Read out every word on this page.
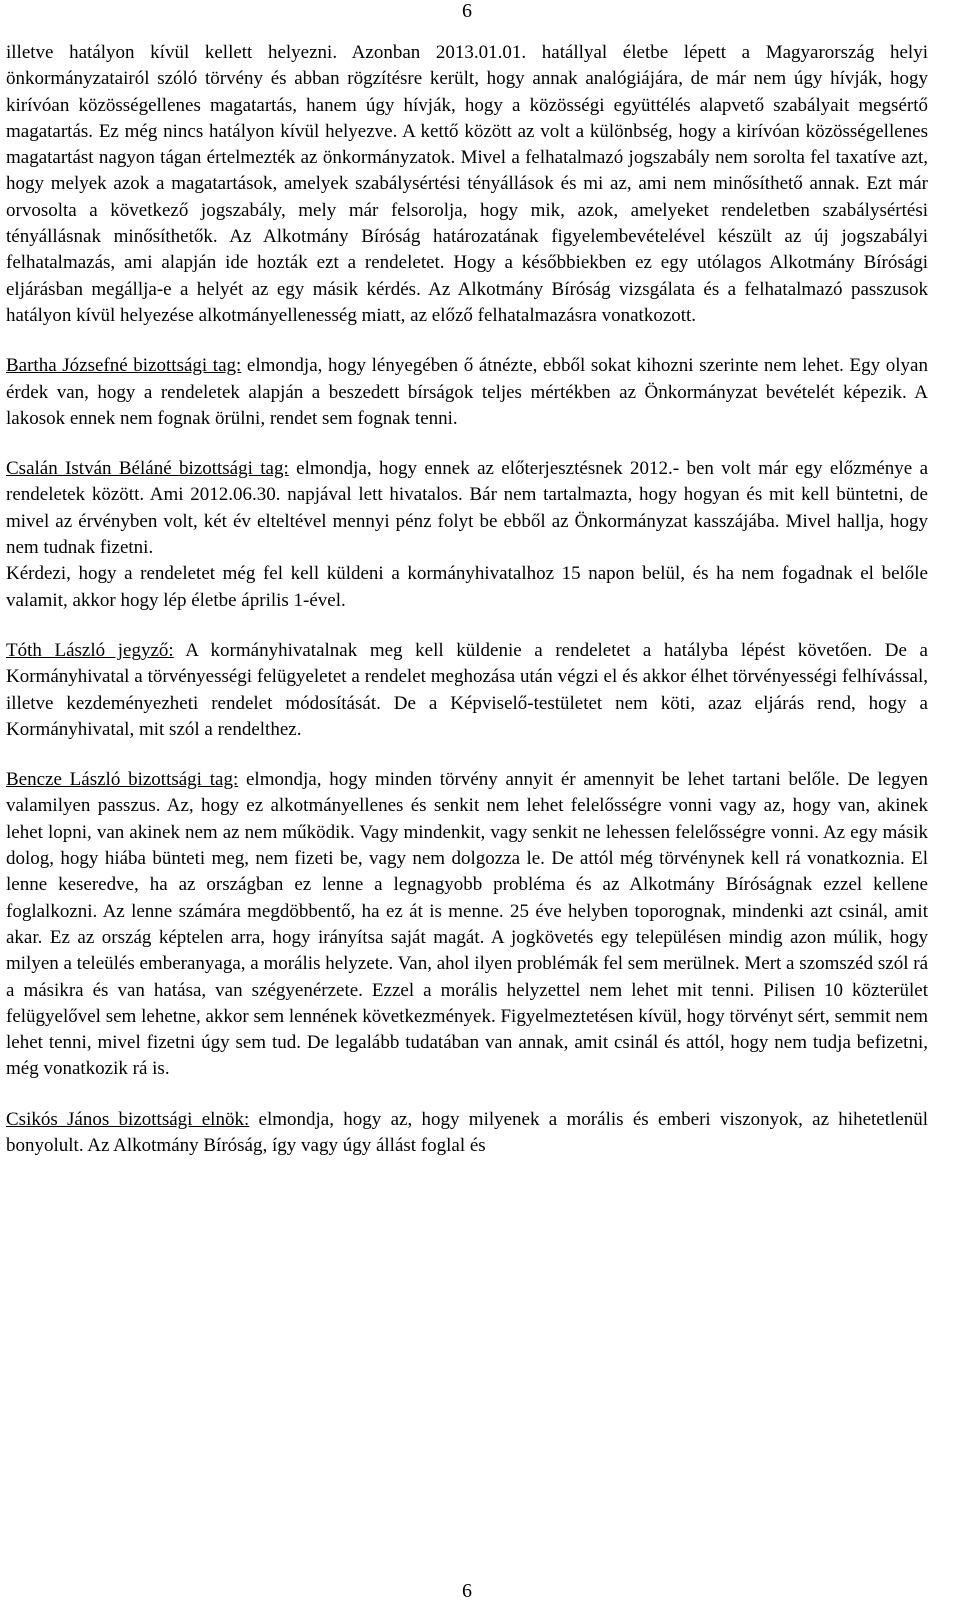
6

illetve hatályon kívül kellett helyezni. Azonban 2013.01.01. hatállyal életbe lépett a Magyarország helyi önkormányzatairól szóló törvény és abban rögzítésre került, hogy annak analógiájára, de már nem úgy hívják, hogy kirívóan közösségellenes magatartás, hanem úgy hívják, hogy a közösségi együttélés alapvető szabályait megsértő magatartás. Ez még nincs hatályon kívül helyezve. A kettő között az volt a különbség, hogy a kirívóan közösségellenes magatartást nagyon tágan értelmezték az önkormányzatok. Mivel a felhatalmazó jogszabály nem sorolta fel taxatíve azt, hogy melyek azok a magatartások, amelyek szabálysértési tényállások és mi az, ami nem minősíthető annak. Ezt már orvosolta a következő jogszabály, mely már felsorolja, hogy mik, azok, amelyeket rendeletben szabálysértési tényállásnak minősíthetők. Az Alkotmány Bíróság határozatának figyelembevételével készült az új jogszabályi felhatalmazás, ami alapján ide hozták ezt a rendeletet. Hogy a későbbiekben ez egy utólagos Alkotmány Bírósági eljárásban megállja-e a helyét az egy másik kérdés. Az Alkotmány Bíróság vizsgálata és a felhatalmazó passzusok hatályon kívül helyezése alkotmányellenesség miatt, az előző felhatalmazásra vonatkozott.

Bartha Józsefné bizottsági tag: elmondja, hogy lényegében ő átnézte, ebből sokat kihozni szerinte nem lehet. Egy olyan érdek van, hogy a rendeletek alapján a beszedett bírságok teljes mértékben az Önkormányzat bevételét képezik. A lakosok ennek nem fognak örülni, rendet sem fognak tenni.

Csalán István Béláné bizottsági tag: elmondja, hogy ennek az előterjesztésnek 2012.- ben volt már egy előzménye a rendeletek között. Ami 2012.06.30. napjával lett hivatalos. Bár nem tartalmazta, hogy hogyan és mit kell büntetni, de mivel az érvényben volt, két év elteltével mennyi pénz folyt be ebből az Önkormányzat kasszájába. Mivel hallja, hogy nem tudnak fizetni.

Kérdezi, hogy a rendeletet még fel kell küldeni a kormányhivatalhoz 15 napon belül, és ha nem fogadnak el belőle valamit, akkor hogy lép életbe április 1-ével.

Tóth László jegyző: A kormányhivatalnak meg kell küldenie a rendeletet a hatályba lépést követően. De a Kormányhivatal a törvényességi felügyeletet a rendelet meghozása után végzi el és akkor élhet törvényességi felhívással, illetve kezdeményezheti rendelet módosítását. De a Képviselő-testületet nem köti, azaz eljárás rend, hogy a Kormányhivatal, mit szól a rendelthez.

Bencze László bizottsági tag: elmondja, hogy minden törvény annyit ér amennyit be lehet tartani belőle. De legyen valamilyen passzus. Az, hogy ez alkotmányellenes és senkit nem lehet felelősségre vonni vagy az, hogy van, akinek lehet lopni, van akinek nem az nem működik. Vagy mindenkit, vagy senkit ne lehessen felelősségre vonni. Az egy másik dolog, hogy hiába bünteti meg, nem fizeti be, vagy nem dolgozza le. De attól még törvénynek kell rá vonatkoznia. El lenne keseredve, ha az országban ez lenne a legnagyobb probléma és az Alkotmány Bíróságnak ezzel kellene foglalkozni. Az lenne számára megdöbbentő, ha ez át is menne. 25 éve helyben toporognak, mindenki azt csinál, amit akar. Ez az ország képtelen arra, hogy irányítsa saját magát. A jogkövetés egy településen mindig azon múlik, hogy milyen a teleülés emberanyaga, a morális helyzete. Van, ahol ilyen problémák fel sem merülnek. Mert a szomszéd szól rá a másikra és van hatása, van szégyenérzete. Ezzel a morális helyzettel nem lehet mit tenni. Pilisen 10 közterület felügyelővel sem lehetne, akkor sem lennének következmények. Figyelmeztetésen kívül, hogy törvényt sért, semmit nem lehet tenni, mivel fizetni úgy sem tud. De legalább tudatában van annak, amit csinál és attól, hogy nem tudja befizetni, még vonatkozik rá is.

Csikós János bizottsági elnök: elmondja, hogy az, hogy milyenek a morális és emberi viszonyok, az hihetetlenül bonyolult. Az Alkotmány Bíróság, így vagy úgy állást foglal és

6
